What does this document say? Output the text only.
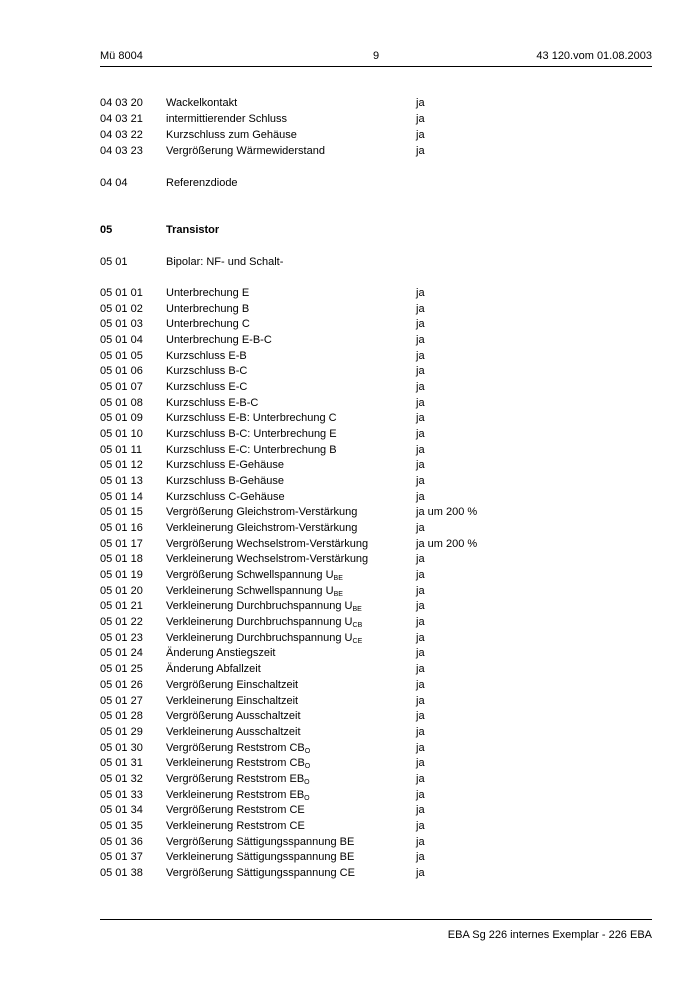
Mü 8004	9	43 120.vom 01.08.2003
04 03 20 Wackelkontakt	ja
04 03 21 intermittierender Schluss	ja
04 03 22 Kurzschluss zum Gehäuse	ja
04 03 23 Vergrößerung Wärmewiderstand	ja
04 04	Referenzdiode
05	Transistor
05 01	Bipolar: NF- und Schalt-
05 01 01 Unterbrechung E	ja
05 01 02 Unterbrechung B	ja
05 01 03 Unterbrechung C	ja
05 01 04 Unterbrechung E-B-C	ja
05 01 05 Kurzschluss E-B	ja
05 01 06 Kurzschluss B-C	ja
05 01 07 Kurzschluss E-C	ja
05 01 08 Kurzschluss E-B-C	ja
05 01 09 Kurzschluss E-B: Unterbrechung C	ja
05 01 10 Kurzschluss B-C: Unterbrechung E	ja
05 01 11 Kurzschluss E-C: Unterbrechung B	ja
05 01 12 Kurzschluss E-Gehäuse	ja
05 01 13 Kurzschluss B-Gehäuse	ja
05 01 14 Kurzschluss C-Gehäuse	ja
05 01 15 Vergrößerung Gleichstrom-Verstärkung	ja um 200 %
05 01 16 Verkleinerung Gleichstrom-Verstärkung	ja
05 01 17 Vergrößerung Wechselstrom-Verstärkung	ja um 200 %
05 01 18 Verkleinerung Wechselstrom-Verstärkung	ja
05 01 19 Vergrößerung Schwellspannung $U_{BE}$	ja
05 01 20 Verkleinerung Schwellspannung $U_{BE}$	ja
05 01 21 Verkleinerung Durchbruchspannung $U_{BE}$	ja
05 01 22 Verkleinerung Durchbruchspannung $U_{CB}$	ja
05 01 23 Verkleinerung Durchbruchspannung $U_{CE}$	ja
05 01 24 Änderung Anstiegszeit	ja
05 01 25 Änderung Abfallzeit	ja
05 01 26 Vergrößerung Einschaltzeit	ja
05 01 27 Verkleinerung Einschaltzeit	ja
05 01 28 Vergrößerung Ausschaltzeit	ja
05 01 29 Verkleinerung Ausschaltzeit	ja
05 01 30 Vergrößerung Reststrom $CB_O$	ja
05 01 31 Verkleinerung Reststrom $CB_O$	ja
05 01 32 Vergrößerung Reststrom $EB_O$	ja
05 01 33 Verkleinerung Reststrom $EB_O$	ja
05 01 34 Vergrößerung Reststrom CE	ja
05 01 35 Verkleinerung Reststrom CE	ja
05 01 36 Vergrößerung Sättigungsspannung BE	ja
05 01 37 Verkleinerung Sättigungsspannung BE	ja
05 01 38 Vergrößerung Sättigungsspannung CE	ja
EBA Sg 226 internes Exemplar - 226 EBA
